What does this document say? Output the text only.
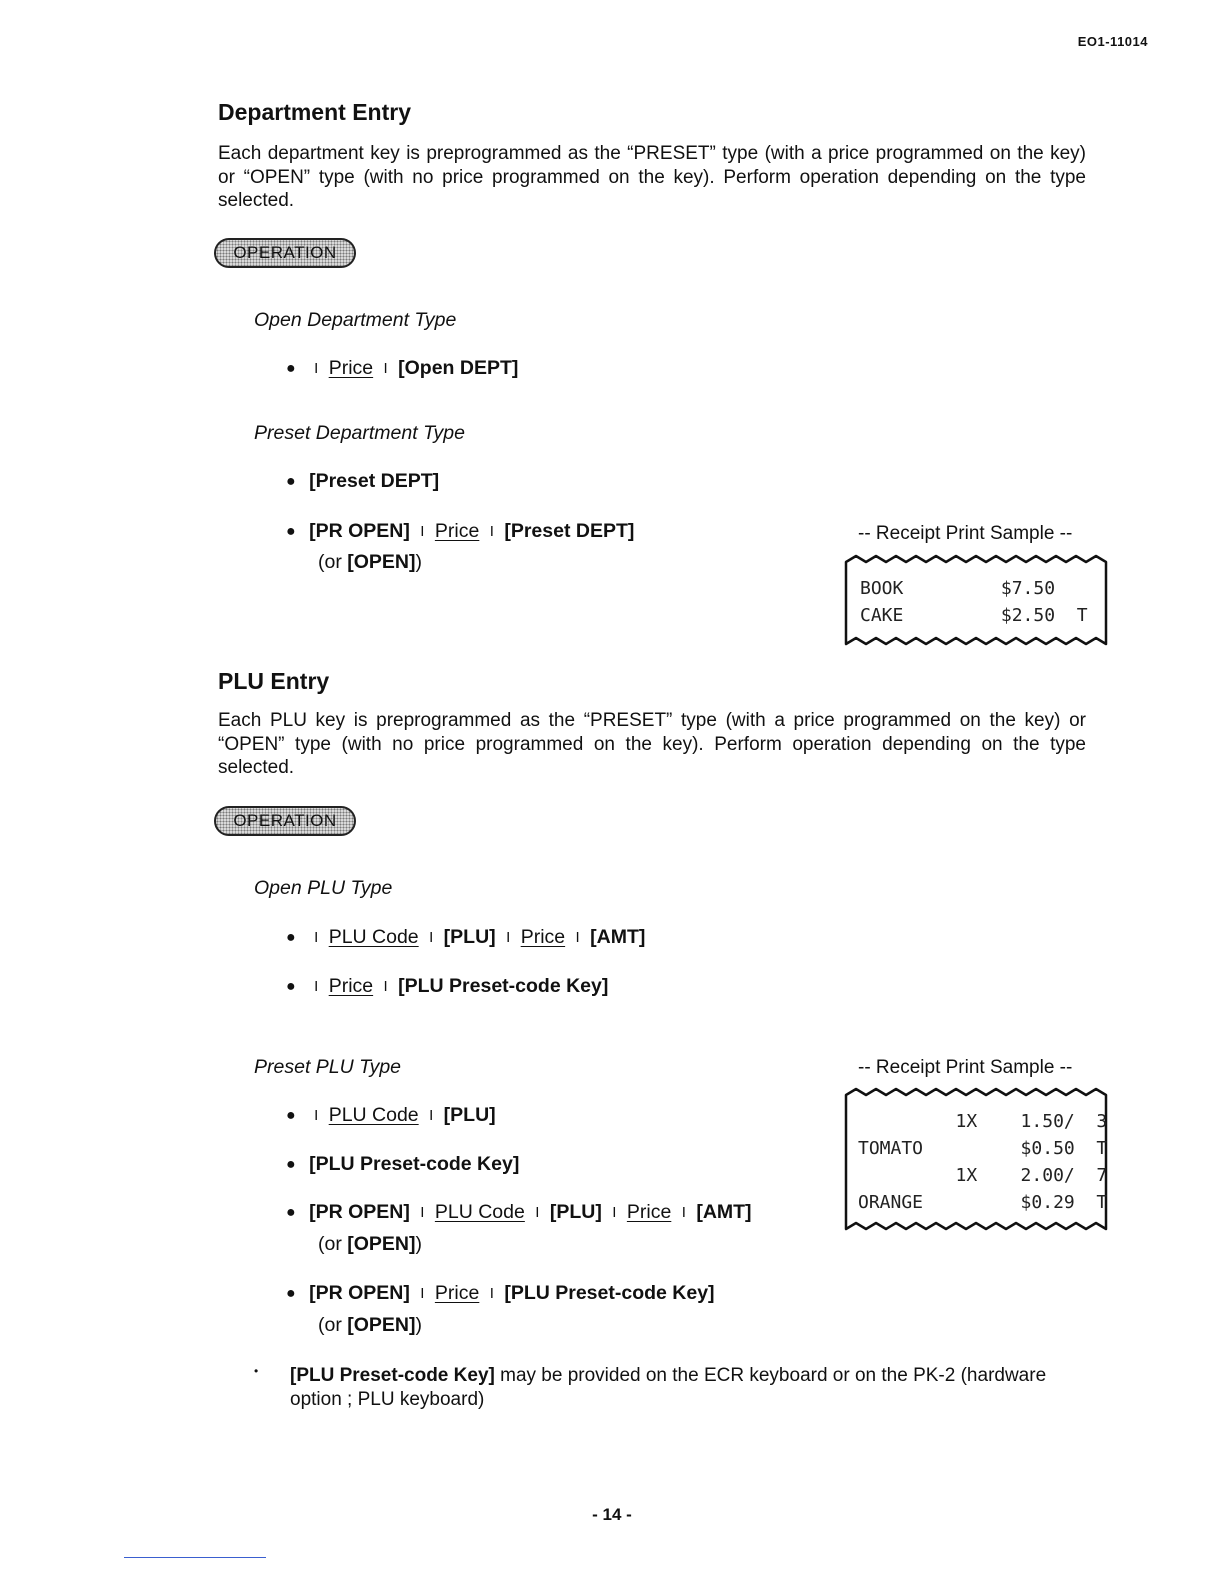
EO1-11014
Department Entry
Each department key is preprogrammed as the “PRESET” type (with a price programmed on the key) or “OPEN” type (with no price programmed on the key). Perform operation depending on the type selected.
OPERATION
Open Department Type
● I Price I [Open DEPT]
Preset Department Type
● [Preset DEPT]
● [PR OPEN] I Price I [Preset DEPT]
(or [OPEN])
-- Receipt Print Sample --
BOOK         $7.50
CAKE         $2.50  T
PLU Entry
Each PLU key is preprogrammed as the “PRESET” type (with a price programmed on the key) or “OPEN” type (with no price programmed on the key). Perform operation depending on the type selected.
OPERATION
Open PLU Type
● I PLU Code I [PLU] I Price I [AMT]
● I Price I [PLU Preset-code Key]
Preset PLU Type
● I PLU Code I [PLU]
● [PLU Preset-code Key]
● [PR OPEN] I PLU Code I [PLU] I Price I [AMT]
(or [OPEN])
● [PR OPEN] I Price I [PLU Preset-code Key]
(or [OPEN])
-- Receipt Print Sample --
1X    1.50/  3
TOMATO         $0.50  T
1X    2.00/  7
ORANGE         $0.29  T
• [PLU Preset-code Key] may be provided on the ECR keyboard or on the PK-2 (hardware option ; PLU keyboard)
- 14 -
